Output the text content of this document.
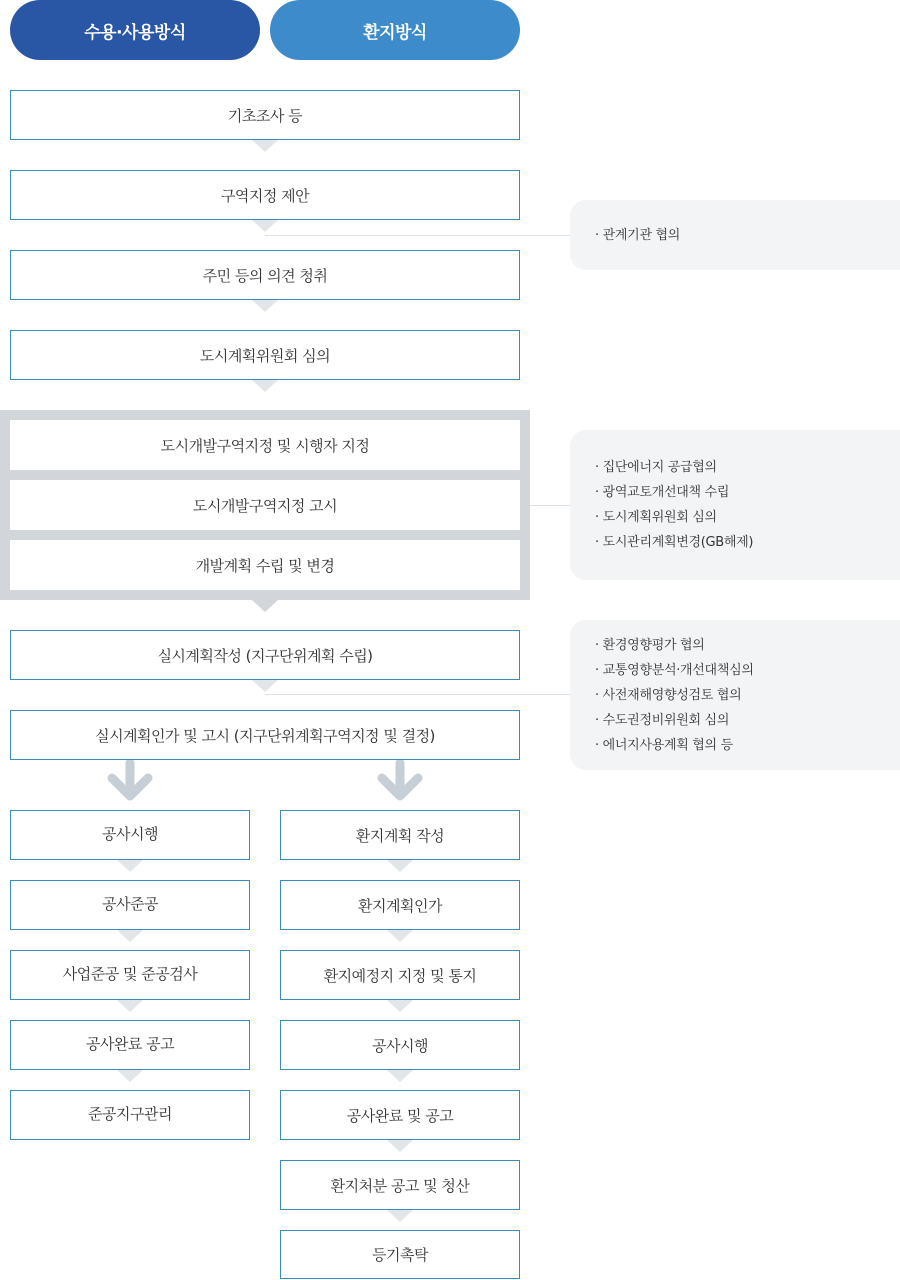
수용·사용방식	환지방식
기초조사 등
구역지정 제안
주민 등의 의견 청취
도시계획위원회 심의
도시개발구역지정 및 시행자 지정
도시개발구역지정 고시
개발계획 수립 및 변경
실시계획작성 (지구단위계획 수립)
실시계획인가 및 고시 (지구단위계획구역지정 및 결정)
공사시행
공사준공
사업준공 및 준공검사
공사완료 공고
준공지구관리
환지계획 작성
환지계획인가
환지예정지 지정 및 통지
공사시행
공사완료 및 공고
환지처분 공고 및 청산
등기촉탁
· 관계기관 협의
· 집단에너지 공급협의
· 광역교토개선대책 수립
· 도시계획위원회 심의
· 도시관리계획변경(GB해제)
· 환경영향평가 협의
· 교통영향분석·개선대책심의
· 사전재해영향성검토 협의
· 수도권정비위원회 심의
· 에너지사용계획 협의 등
